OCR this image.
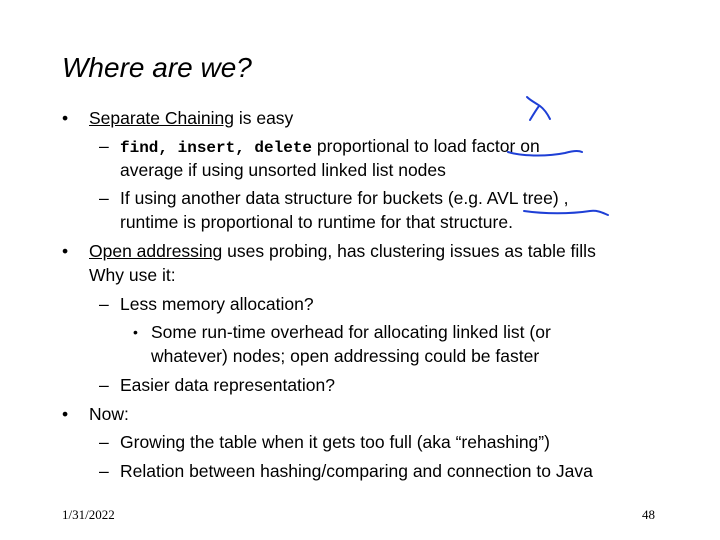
Where are we?
• Separate Chaining is easy
– find, insert, delete proportional to load factor on
average if using unsorted linked list nodes
– If using another data structure for buckets (e.g. AVL tree) ,
runtime is proportional to runtime for that structure.
• Open addressing uses probing, has clustering issues as table fills
Why use it:
– Less memory allocation?
• Some run-time overhead for allocating linked list (or
whatever) nodes; open addressing could be faster
– Easier data representation?
• Now:
– Growing the table when it gets too full (aka “rehashing”)
– Relation between hashing/comparing and connection to Java
1/31/2022	48
